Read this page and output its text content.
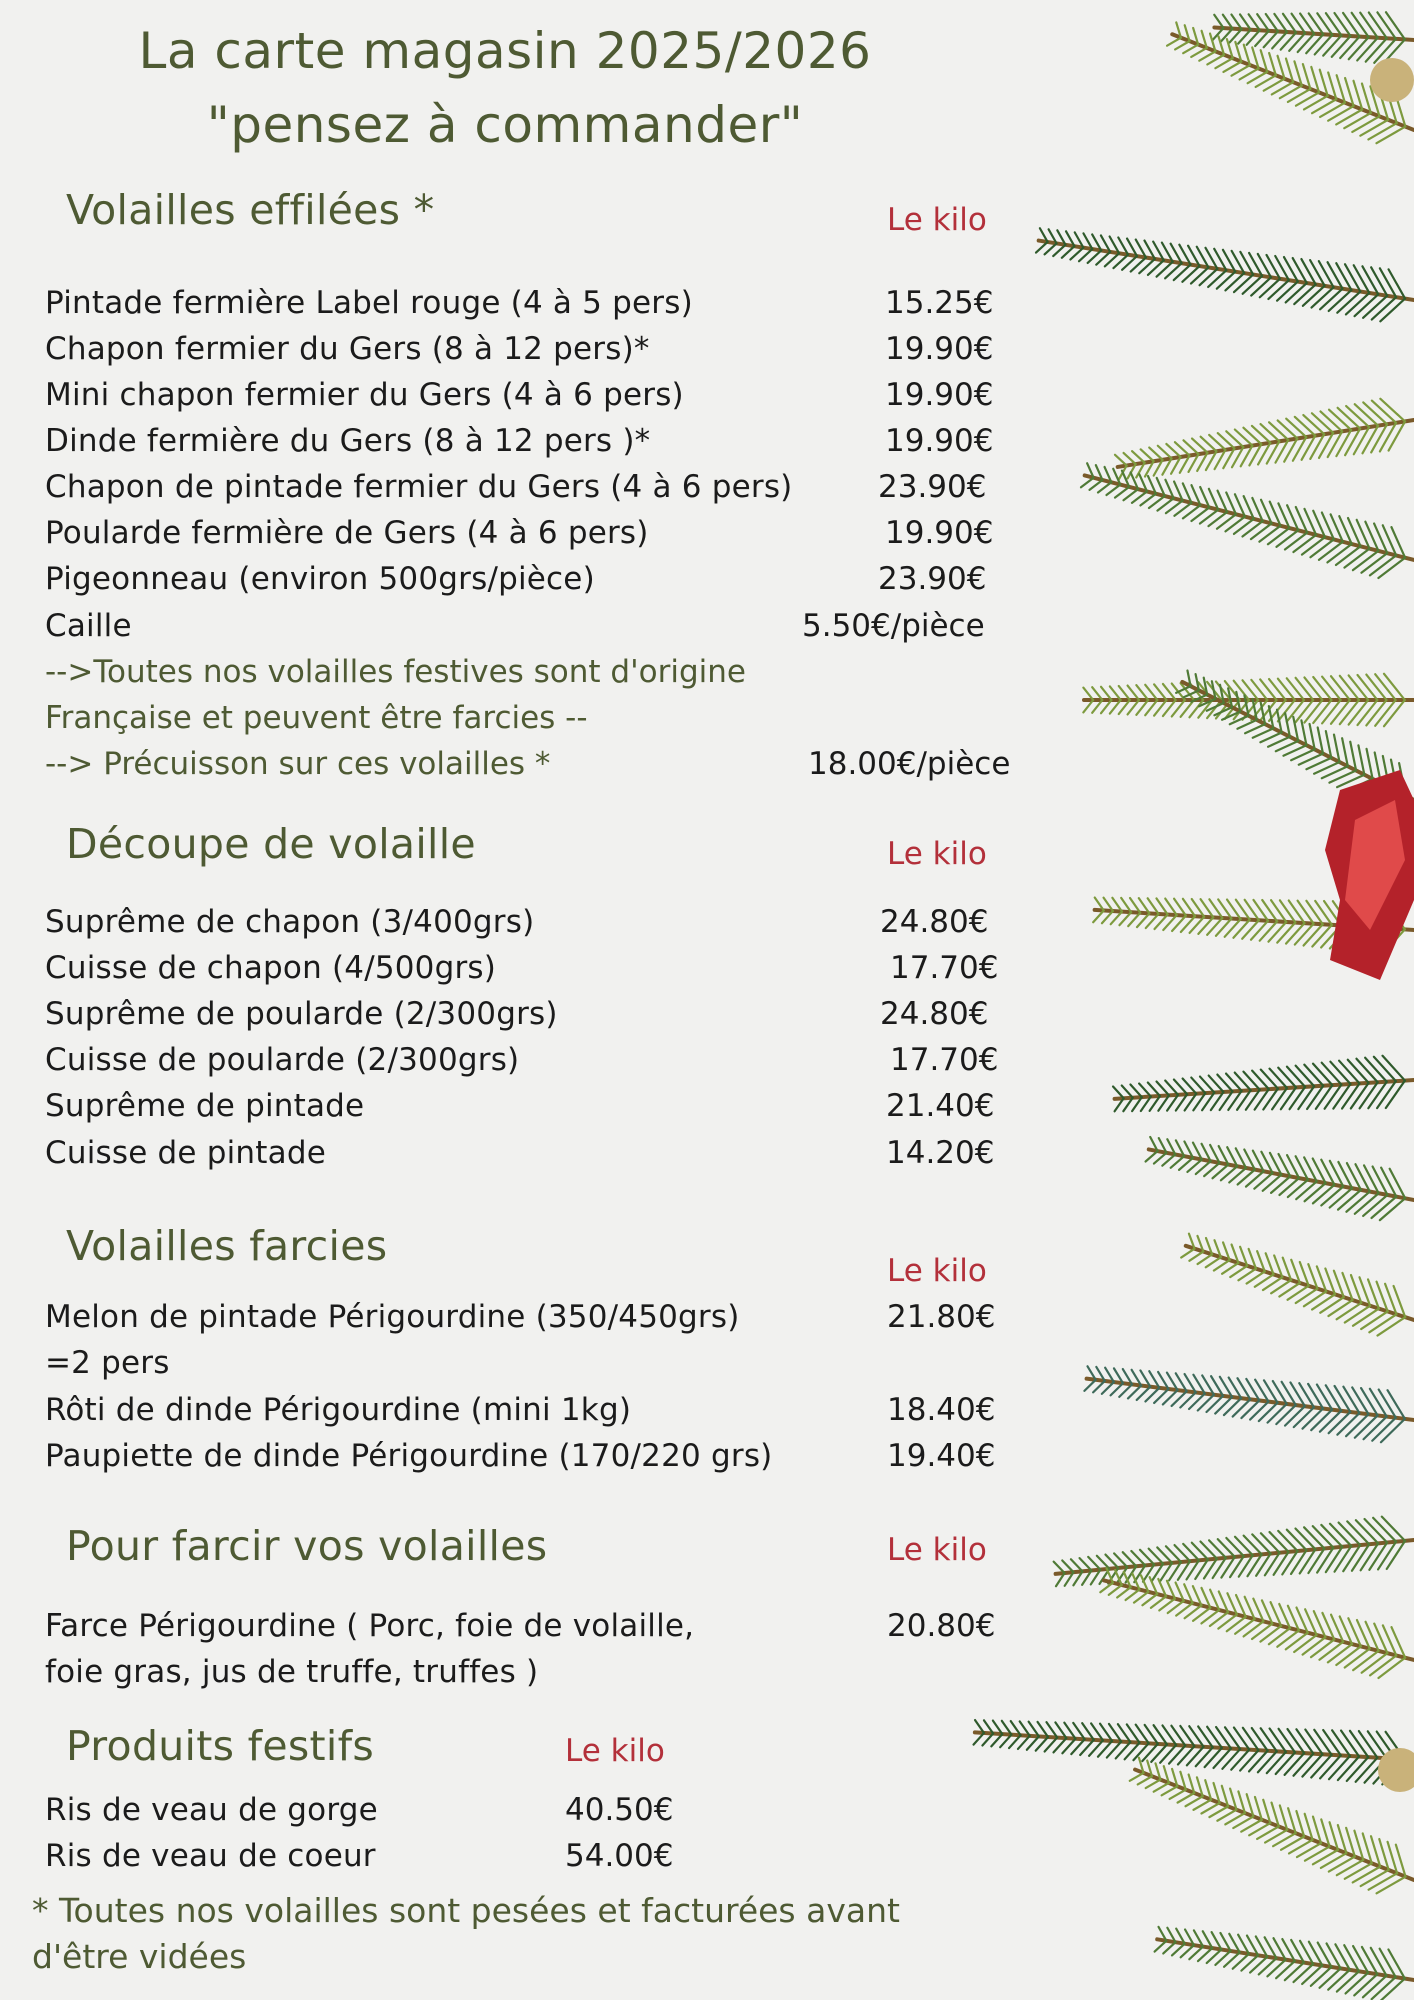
La carte magasin 2025/2026
"pensez à commander"
Volailles effilées *	Le kilo
Pintade fermière Label rouge (4 à 5 pers)	15.25€
Chapon fermier du Gers (8 à 12 pers)*	19.90€
Mini chapon fermier du Gers (4 à 6 pers)	19.90€
Dinde fermière du Gers (8 à 12 pers )*	19.90€
Chapon de pintade fermier du Gers (4 à 6 pers)	23.90€
Poularde fermière de Gers (4 à 6 pers)	19.90€
Pigeonneau (environ 500grs/pièce)	23.90€
Caille	5.50€/pièce
-->Toutes nos volailles festives sont d'origine
Française et peuvent être farcies --
--> Précuisson sur ces volailles *	18.00€/pièce
Découpe de volaille	Le kilo
Suprême de chapon (3/400grs)	24.80€
Cuisse de chapon (4/500grs)	17.70€
Suprême de poularde (2/300grs)	24.80€
Cuisse de poularde (2/300grs)	17.70€
Suprême de pintade	21.40€
Cuisse de pintade	14.20€
Volailles farcies
Le kilo
Melon de pintade Périgourdine (350/450grs)	21.80€
=2 pers
Rôti de dinde Périgourdine (mini 1kg)	18.40€
Paupiette de dinde Périgourdine (170/220 grs)	19.40€
Pour farcir vos volailles	Le kilo
Farce Périgourdine ( Porc, foie de volaille,	20.80€
foie gras, jus de truffe, truffes )
Produits festifs	Le kilo
Ris de veau de gorge	40.50€
Ris de veau de coeur	54.00€
* Toutes nos volailles sont pesées et facturées avant
d'être vidées
